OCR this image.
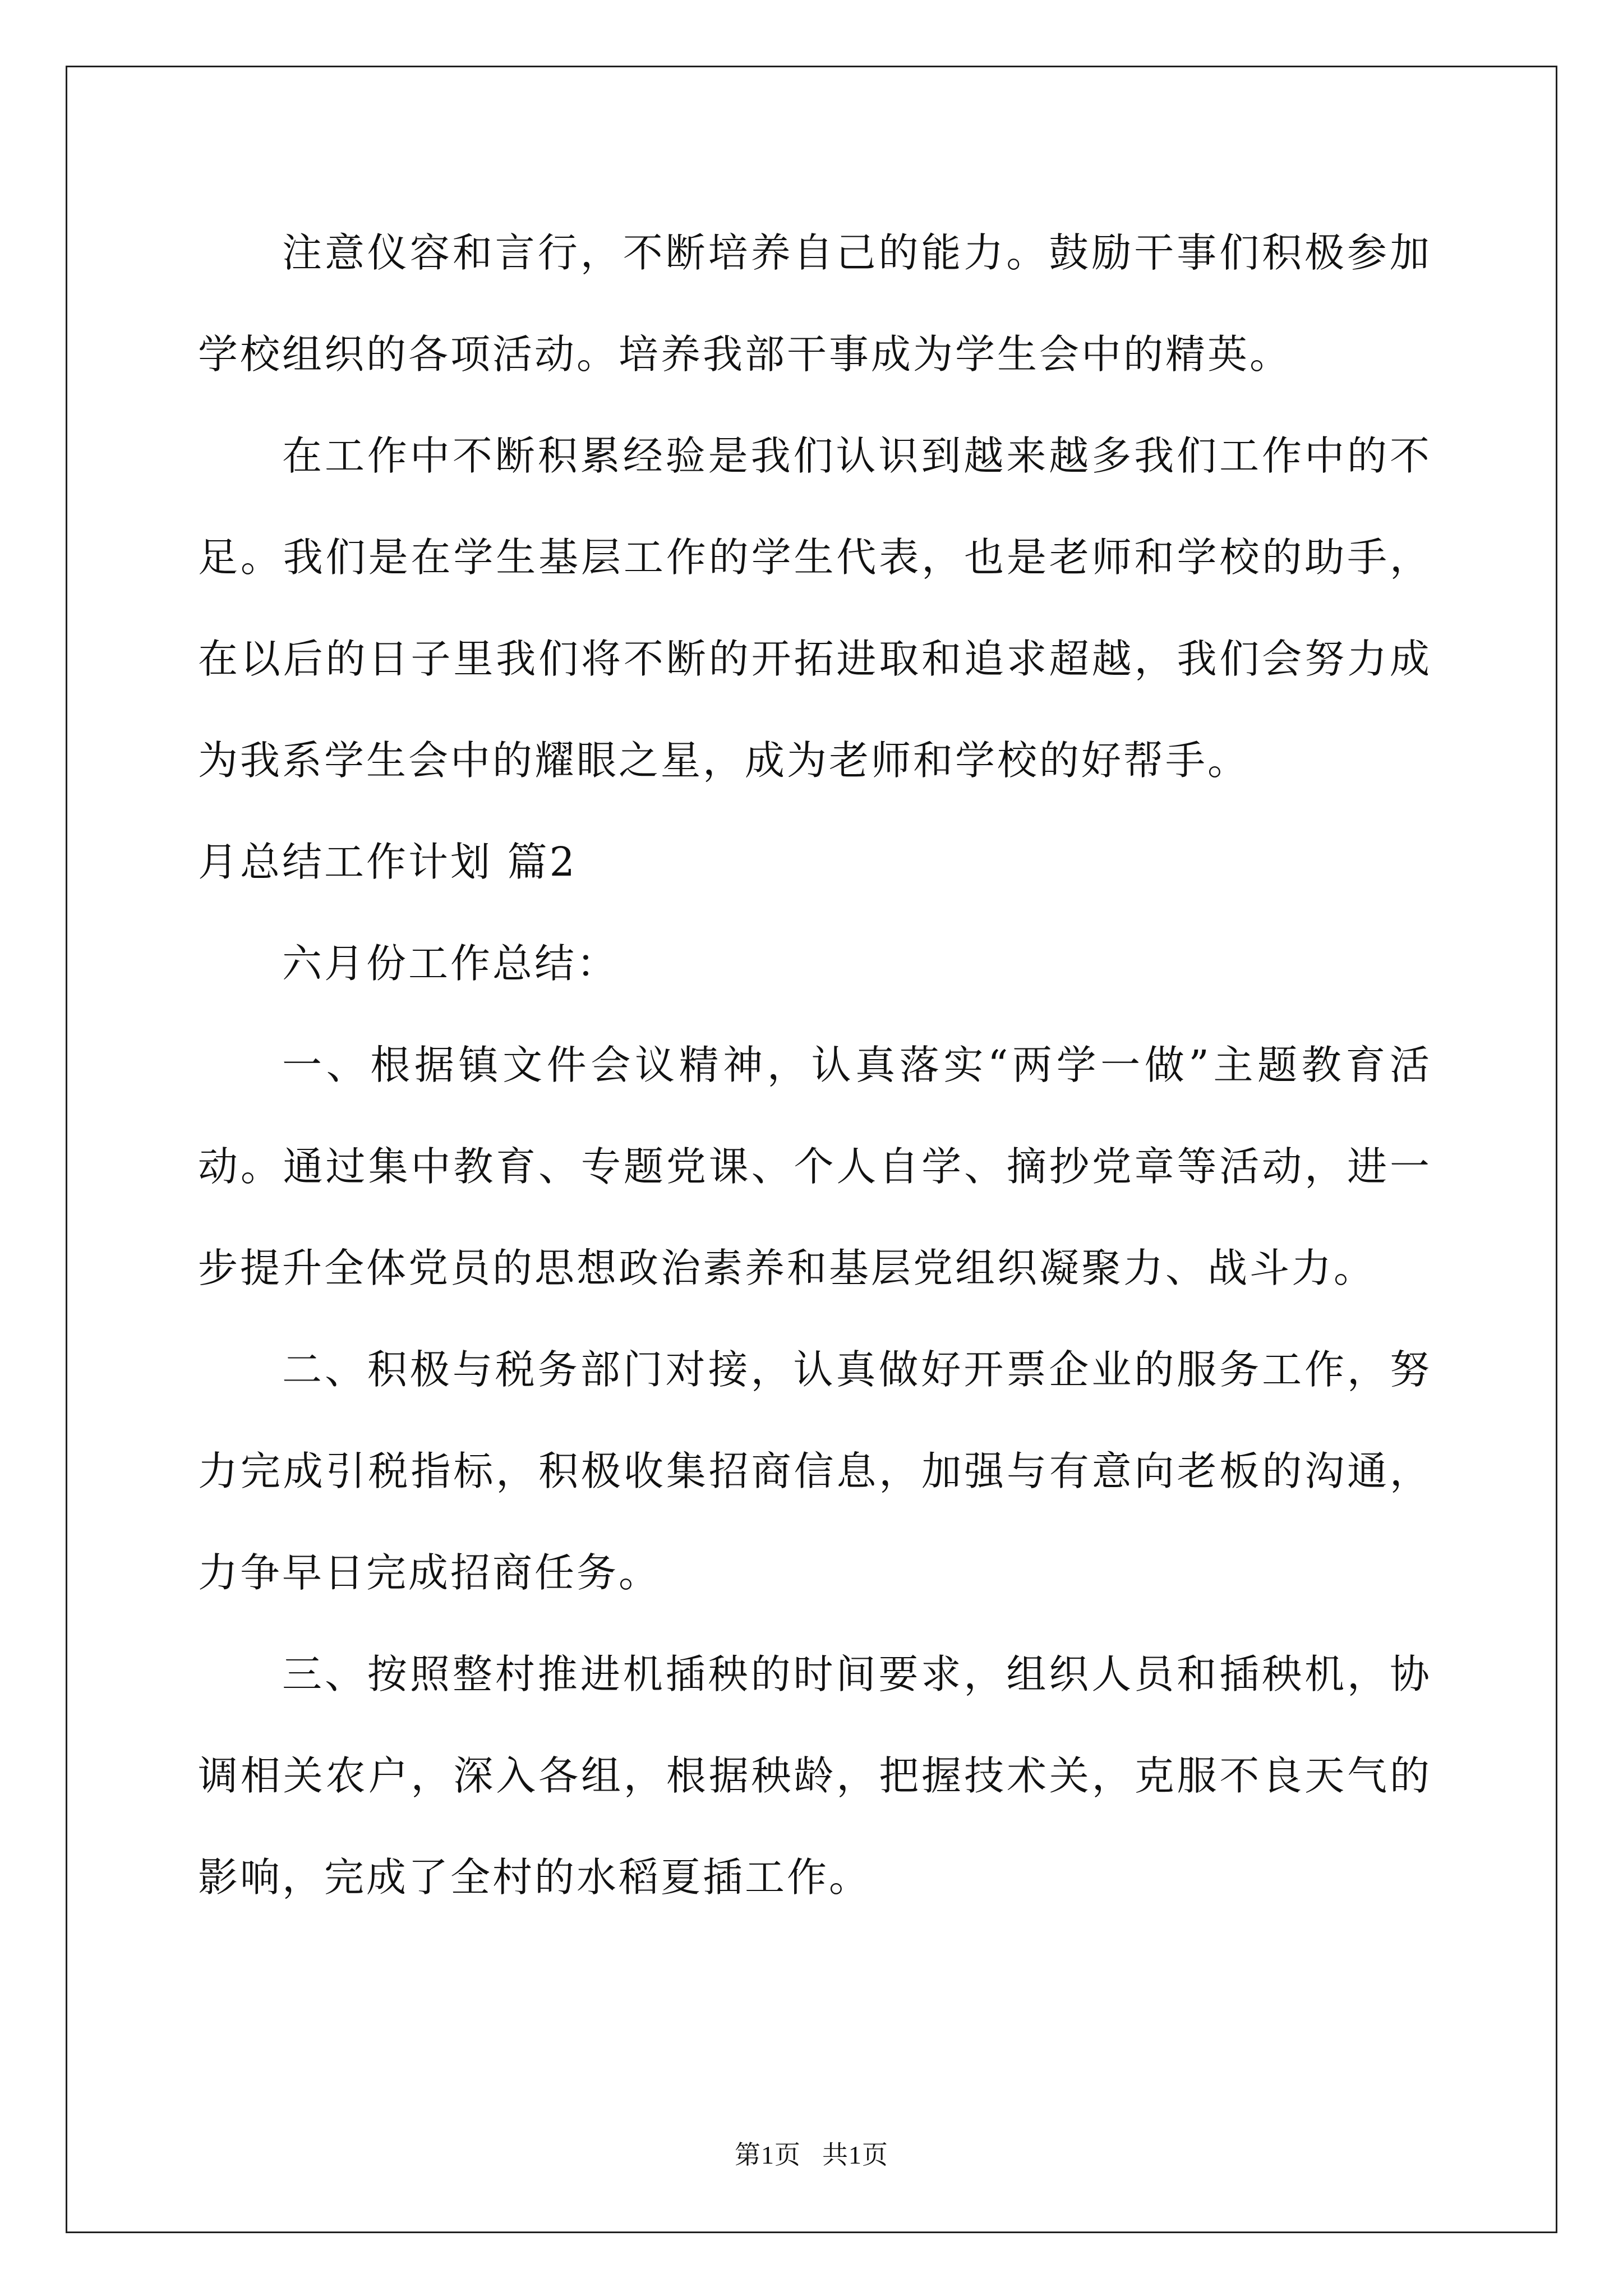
注意仪容和言行，不断培养自己的能力。鼓励干事们积极参加学校组织的各项活动。培养我部干事成为学生会中的精英。

在工作中不断积累经验是我们认识到越来越多我们工作中的不足。我们是在学生基层工作的学生代表，也是老师和学校的助手，在以后的日子里我们将不断的开拓进取和追求超越，我们会努力成为我系学生会中的耀眼之星，成为老师和学校的好帮手。

月总结工作计划 篇2

六月份工作总结：

一、根据镇文件会议精神，认真落实“两学一做”主题教育活动。通过集中教育、专题党课、个人自学、摘抄党章等活动，进一步提升全体党员的思想政治素养和基层党组织凝聚力、战斗力。

二、积极与税务部门对接，认真做好开票企业的服务工作，努力完成引税指标，积极收集招商信息，加强与有意向老板的沟通，力争早日完成招商任务。

三、按照整村推进机插秧的时间要求，组织人员和插秧机，协调相关农户，深入各组，根据秧龄，把握技术关，克服不良天气的影响，完成了全村的水稻夏插工作。

第1页 共1页
